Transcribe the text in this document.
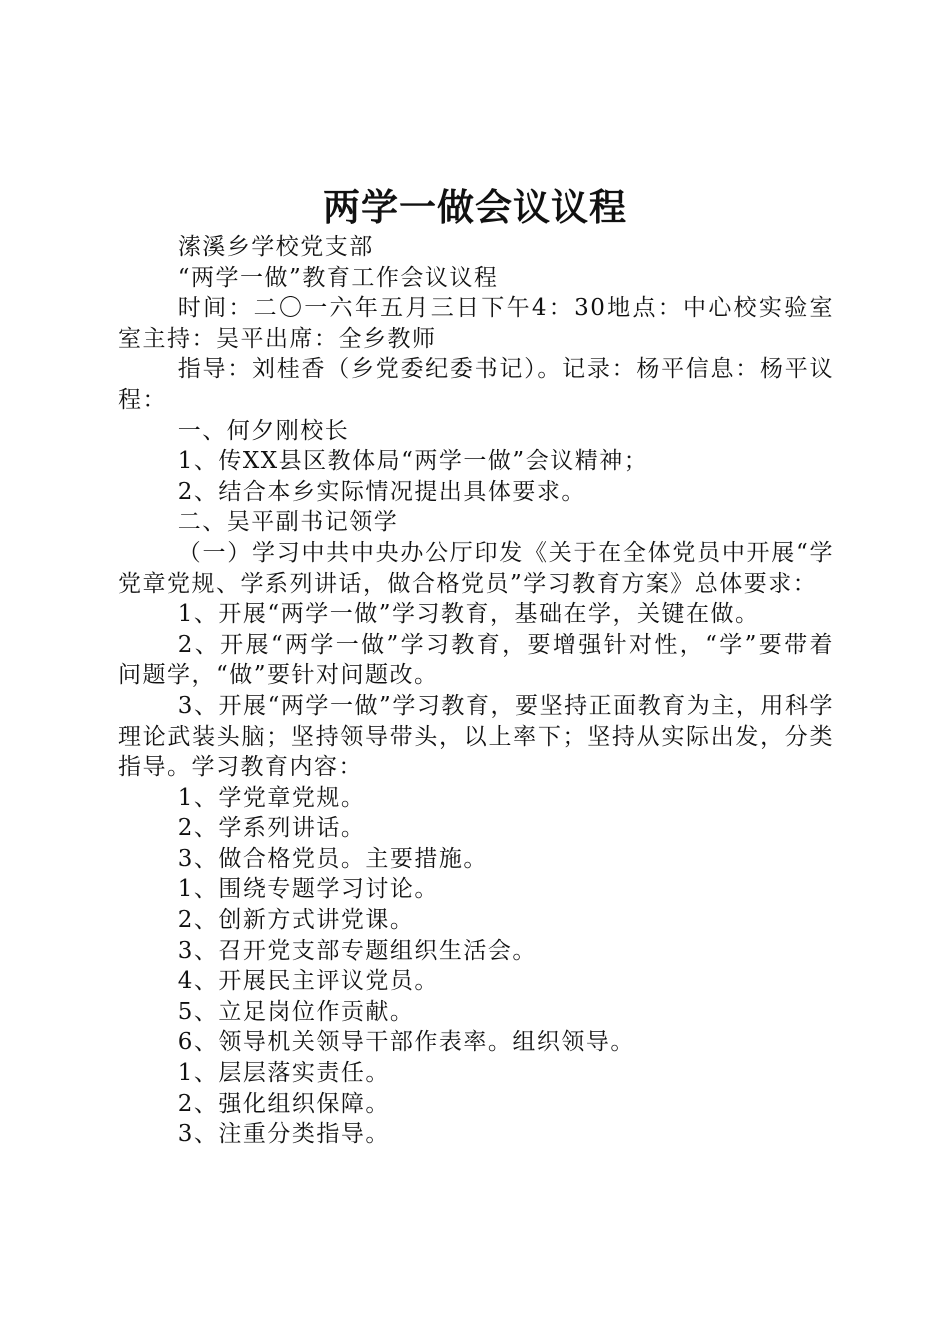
两学一做会议议程

溹溪乡学校党支部

“两学一做”教育工作会议议程

时间：二〇一六年五月三日下午4：30地点：中心校实验室室主持：吴平出席：全乡教师

指导：刘桂香（乡党委纪委书记）。记录：杨平信息：杨平议程：

一、何夕刚校长

1、传XX县区教体局“两学一做”会议精神；

2、结合本乡实际情况提出具体要求。

二、吴平副书记领学

（一）学习中共中央办公厅印发《关于在全体党员中开展“学党章党规、学系列讲话，做合格党员”学习教育方案》总体要求：

1、开展“两学一做”学习教育，基础在学，关键在做。

2、开展“两学一做”学习教育，要增强针对性，“学”要带着问题学，“做”要针对问题改。

3、开展“两学一做”学习教育，要坚持正面教育为主，用科学理论武装头脑；坚持领导带头，以上率下；坚持从实际出发，分类指导。学习教育内容：

1、学党章党规。

2、学系列讲话。

3、做合格党员。主要措施。

1、围绕专题学习讨论。

2、创新方式讲党课。

3、召开党支部专题组织生活会。

4、开展民主评议党员。

5、立足岗位作贡献。

6、领导机关领导干部作表率。组织领导。

1、层层落实责任。

2、强化组织保障。

3、注重分类指导。
